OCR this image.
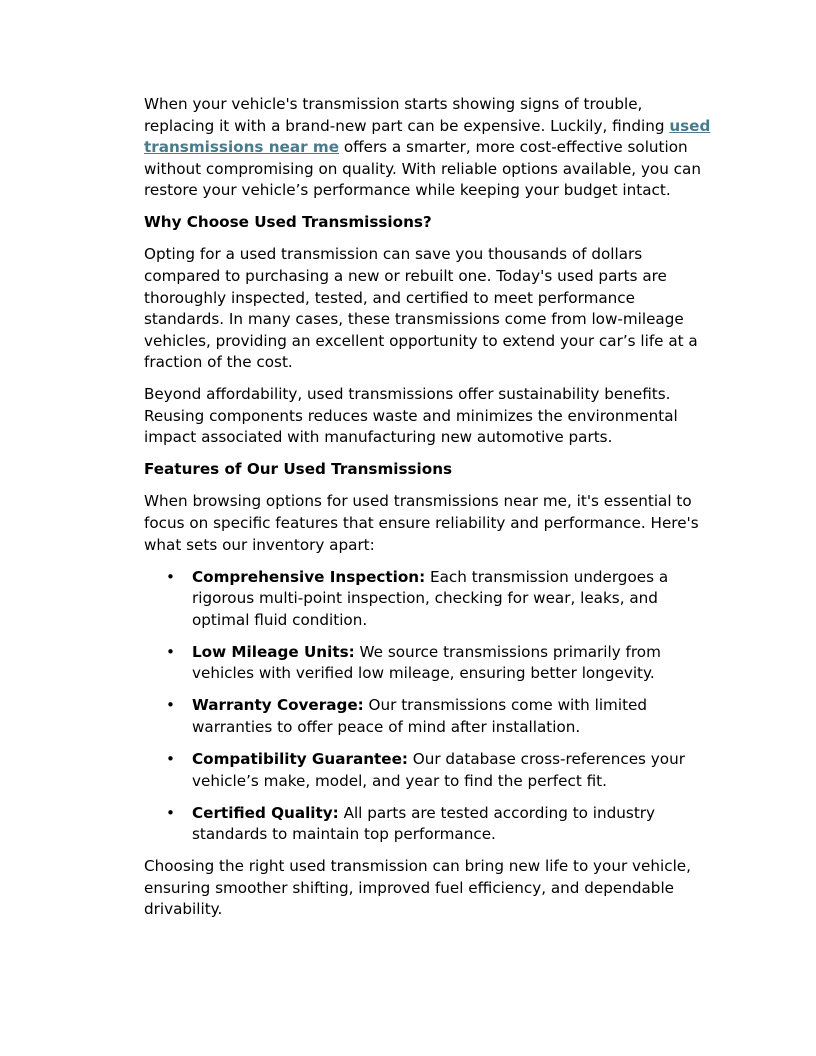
When your vehicle's transmission starts showing signs of trouble, replacing it with a brand-new part can be expensive. Luckily, finding used transmissions near me offers a smarter, more cost-effective solution without compromising on quality. With reliable options available, you can restore your vehicle’s performance while keeping your budget intact.

Why Choose Used Transmissions?

Opting for a used transmission can save you thousands of dollars compared to purchasing a new or rebuilt one. Today's used parts are thoroughly inspected, tested, and certified to meet performance standards. In many cases, these transmissions come from low-mileage vehicles, providing an excellent opportunity to extend your car’s life at a fraction of the cost.

Beyond affordability, used transmissions offer sustainability benefits. Reusing components reduces waste and minimizes the environmental impact associated with manufacturing new automotive parts.

Features of Our Used Transmissions

When browsing options for used transmissions near me, it's essential to focus on specific features that ensure reliability and performance. Here's what sets our inventory apart:

• Comprehensive Inspection: Each transmission undergoes a rigorous multi-point inspection, checking for wear, leaks, and optimal fluid condition.
• Low Mileage Units: We source transmissions primarily from vehicles with verified low mileage, ensuring better longevity.
• Warranty Coverage: Our transmissions come with limited warranties to offer peace of mind after installation.
• Compatibility Guarantee: Our database cross-references your vehicle’s make, model, and year to find the perfect fit.
• Certified Quality: All parts are tested according to industry standards to maintain top performance.

Choosing the right used transmission can bring new life to your vehicle, ensuring smoother shifting, improved fuel efficiency, and dependable drivability.
